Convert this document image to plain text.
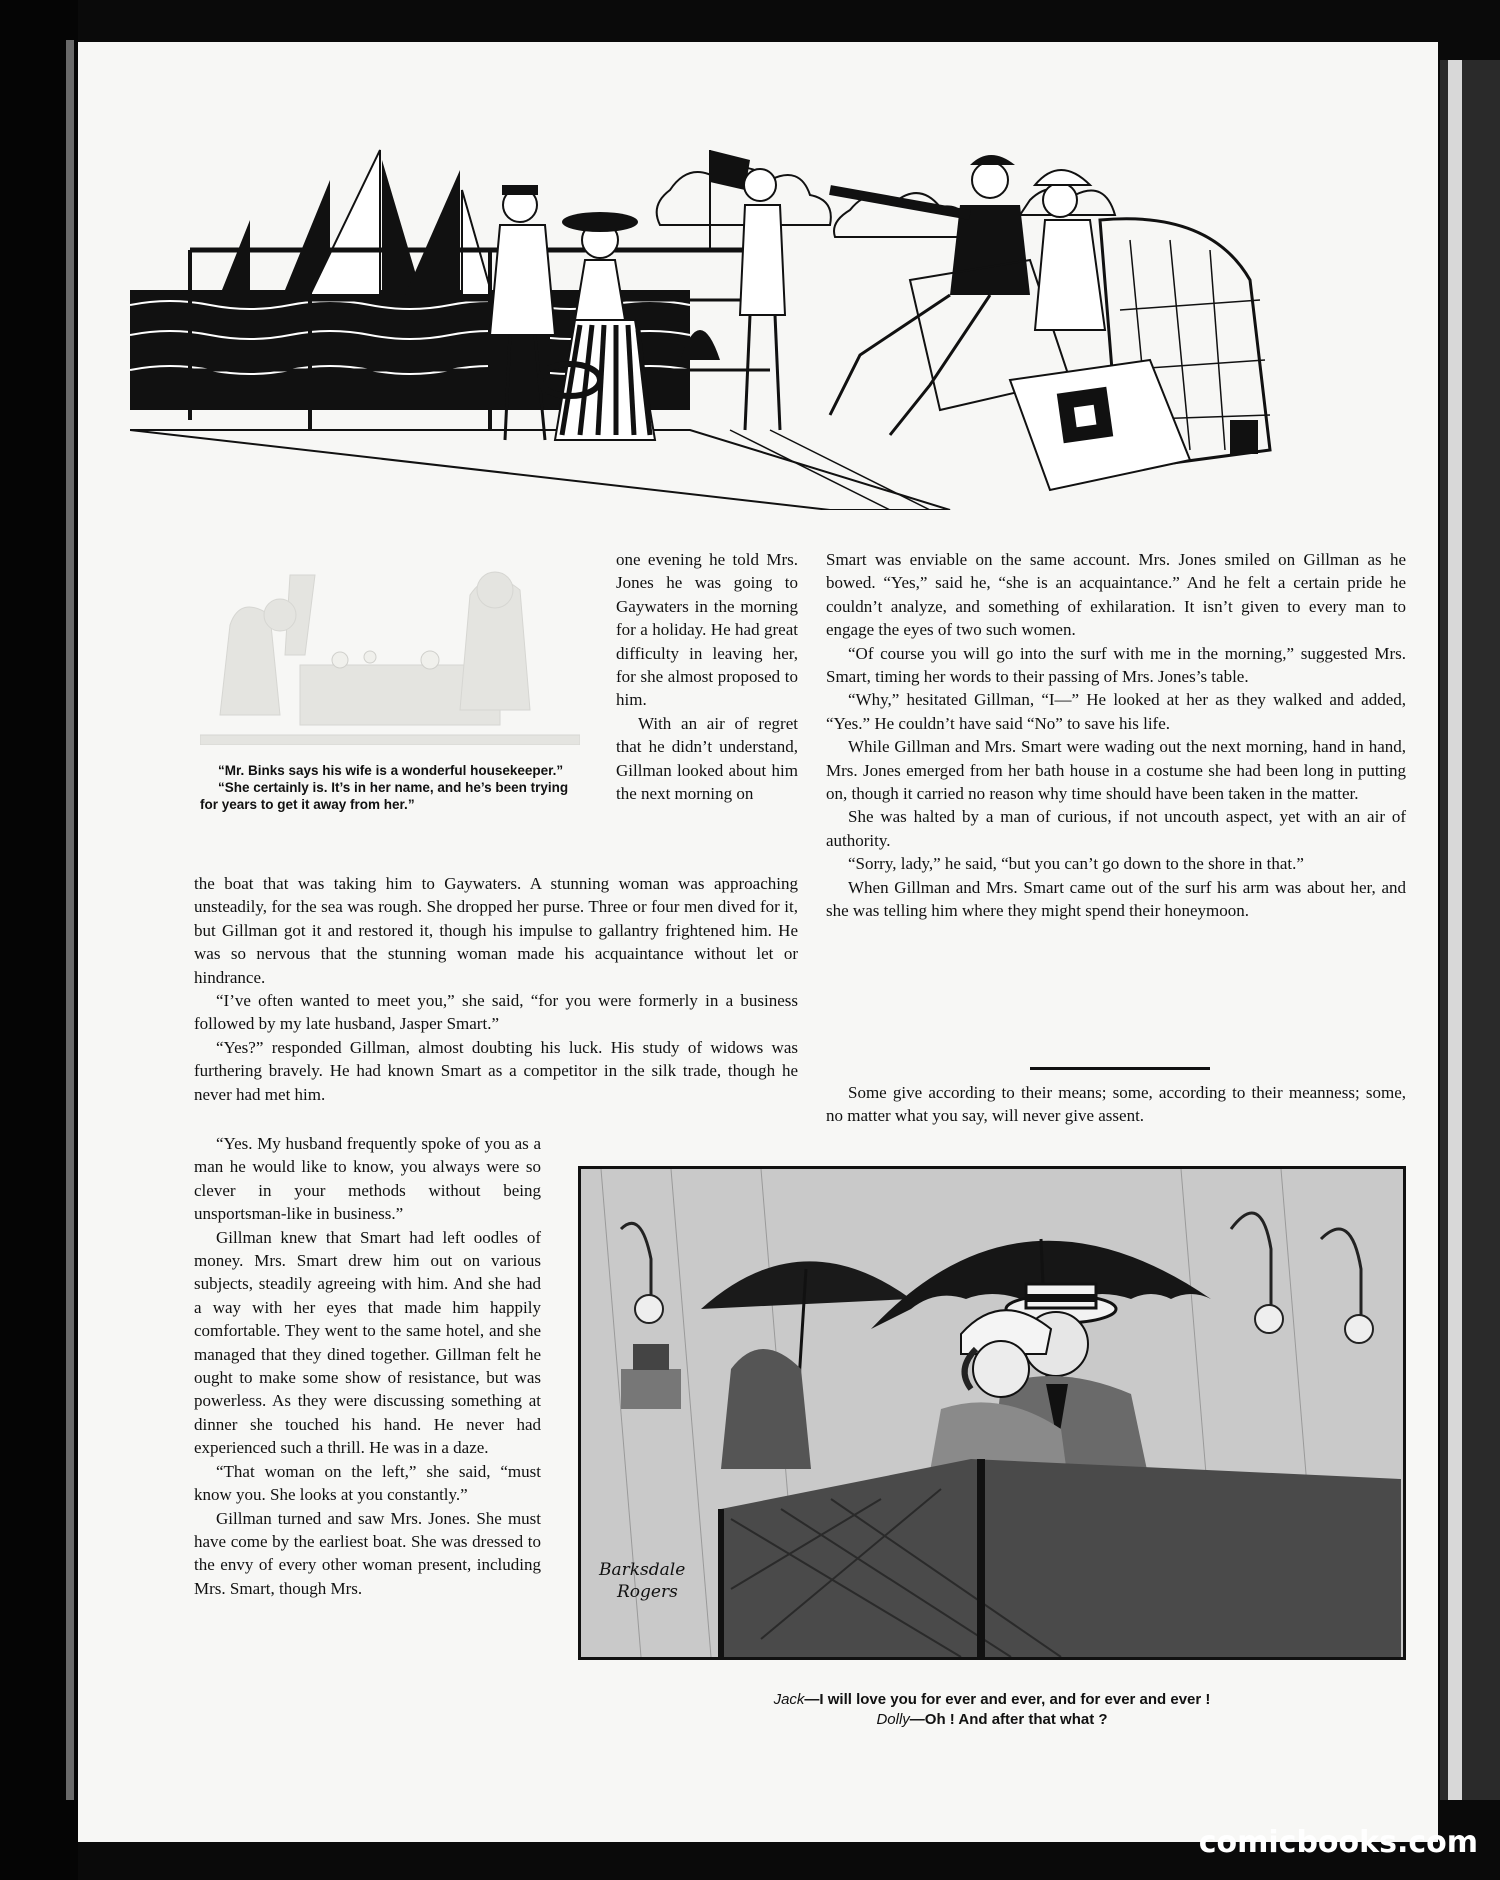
“Mr. Binks says his wife is a wonderful housekeeper.”

“She certainly is. It’s in her name, and he’s been trying for years to get it away from her.”

one evening he told Mrs. Jones he was going to Gaywaters in the morning for a holiday. He had great difficulty in leaving her, for she almost proposed to him.

With an air of regret that he didn’t understand, Gillman looked about him the next morning on

the boat that was taking him to Gaywaters. A stunning woman was approaching unsteadily, for the sea was rough. She dropped her purse. Three or four men dived for it, but Gillman got it and restored it, though his impulse to gallantry frightened him. He was so nervous that the stunning woman made his acquaintance without let or hindrance.

“I’ve often wanted to meet you,” she said, “for you were formerly in a business followed by my late husband, Jasper Smart.”

“Yes?” responded Gillman, almost doubting his luck. His study of widows was furthering bravely. He had known Smart as a competitor in the silk trade, though he never had met him.

“Yes. My husband frequently spoke of you as a man he would like to know, you always were so clever in your methods without being unsportsman-like in business.”

Gillman knew that Smart had left oodles of money. Mrs. Smart drew him out on various subjects, steadily agreeing with him. And she had a way with her eyes that made him happily comfortable. They went to the same hotel, and she managed that they dined together. Gillman felt he ought to make some show of resistance, but was powerless. As they were discussing something at dinner she touched his hand. He never had experienced such a thrill. He was in a daze.

“That woman on the left,” she said, “must know you. She looks at you constantly.”

Gillman turned and saw Mrs. Jones. She must have come by the earliest boat. She was dressed to the envy of every other woman present, including Mrs. Smart, though Mrs.

Smart was enviable on the same account. Mrs. Jones smiled on Gillman as he bowed. “Yes,” said he, “she is an acquaintance.” And he felt a certain pride he couldn’t analyze, and something of exhilaration. It isn’t given to every man to engage the eyes of two such women.

“Of course you will go into the surf with me in the morning,” suggested Mrs. Smart, timing her words to their passing of Mrs. Jones’s table.

“Why,” hesitated Gillman, “I—” He looked at her as they walked and added, “Yes.” He couldn’t have said “No” to save his life.

While Gillman and Mrs. Smart were wading out the next morning, hand in hand, Mrs. Jones emerged from her bath house in a costume she had been long in putting on, though it carried no reason why time should have been taken in the matter.

She was halted by a man of curious, if not uncouth aspect, yet with an air of authority.

“Sorry, lady,” he said, “but you can’t go down to the shore in that.”

When Gillman and Mrs. Smart came out of the surf his arm was about her, and she was telling him where they might spend their honeymoon.

Some give according to their means; some, according to their meanness; some, no matter what you say, will never give assent.

Barksdale
Rogers

Jack—I will love you for ever and ever, and for ever and ever !

Dolly—Oh ! And after that what ?

comicbooks.com
